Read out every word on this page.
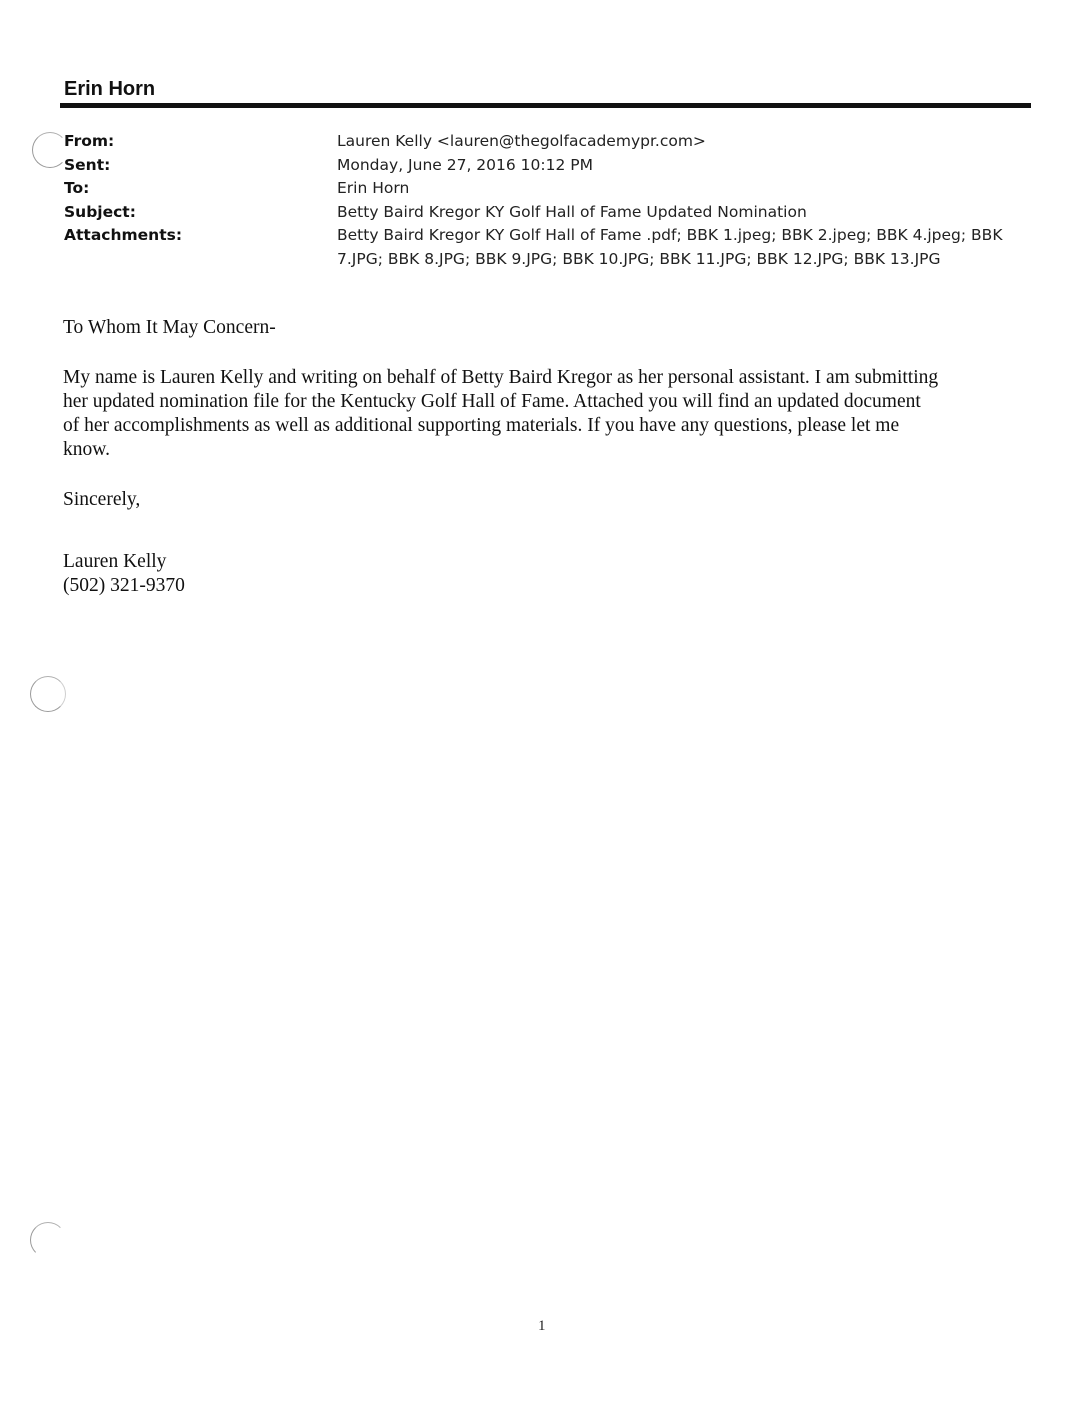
Erin Horn
From:	Lauren Kelly <lauren@thegolfacademypr.com>
Sent:	Monday, June 27, 2016 10:12 PM
To:	Erin Horn
Subject:	Betty Baird Kregor KY Golf Hall of Fame Updated Nomination
Attachments:	Betty Baird Kregor KY Golf Hall of Fame .pdf; BBK 1.jpeg; BBK 2.jpeg; BBK 4.jpeg; BBK
7.JPG; BBK 8.JPG; BBK 9.JPG; BBK 10.JPG; BBK 11.JPG; BBK 12.JPG; BBK 13.JPG

To Whom It May Concern-

My name is Lauren Kelly and writing on behalf of Betty Baird Kregor as her personal assistant. I am submitting
her updated nomination file for the Kentucky Golf Hall of Fame. Attached you will find an updated document
of her accomplishments as well as additional supporting materials. If you have any questions, please let me
know.

Sincerely,

Lauren Kelly

(502) 321-9370

1
